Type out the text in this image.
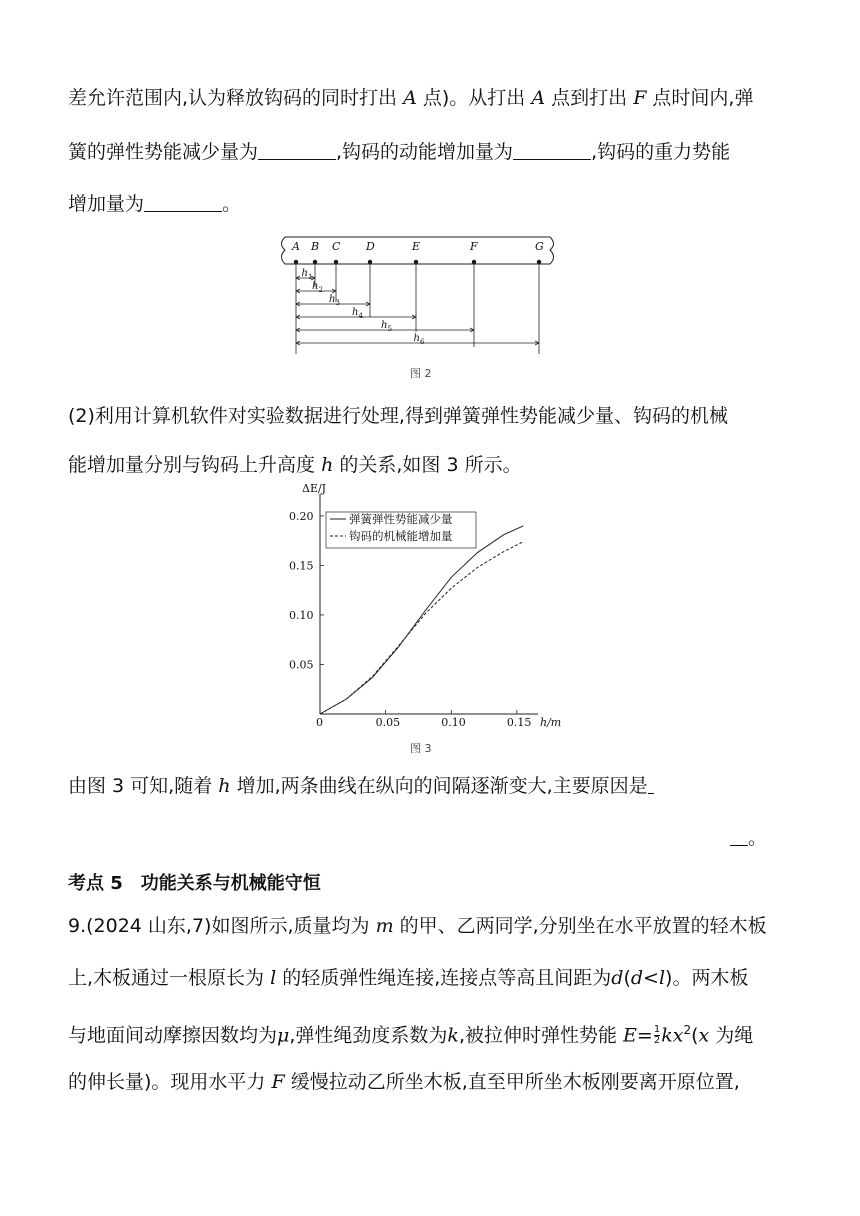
差允许范围内,认为释放钩码的同时打出 A 点)。从打出 A 点到打出 F 点时间内,弹
簧的弹性势能减少量为	,钩码的动能增加量为	,钩码的重力势能
增加量为	。
A B C D	E	F	G
$h_1$
$h_2$
$h_3$
$h_4$
$h_5$
$h_6$
图 2
(2)利用计算机软件对实验数据进行处理,得到弹簧弹性势能减少量、钩码的机械
能增加量分别与钩码上升高度 h 的关系,如图 3 所示。
ΔE/J
h/m
0	0.05	0.10	0.15
0.05
0.10
0.15
0.20	弹簧弹性势能减少量
钩码的机械能增加量
图 3
由图 3 可知,随着 h 增加,两条曲线在纵向的间隔逐渐变大,主要原因是
。
考点 5　功能关系与机械能守恒
9.(2024 山东,7)如图所示,质量均为 m 的甲、乙两同学,分别坐在水平放置的轻木板
上,木板通过一根原长为 l 的轻质弹性绳连接,连接点等高且间距为d(d<l)。两木板
与地面间动摩擦因数均为μ,弹性绳劲度系数为k,被拉伸时弹性势能 $E= \frac{1}{2} kx^2(x$ 为绳
的伸长量)。现用水平力 F 缓慢拉动乙所坐木板,直至甲所坐木板刚要离开原位置,
